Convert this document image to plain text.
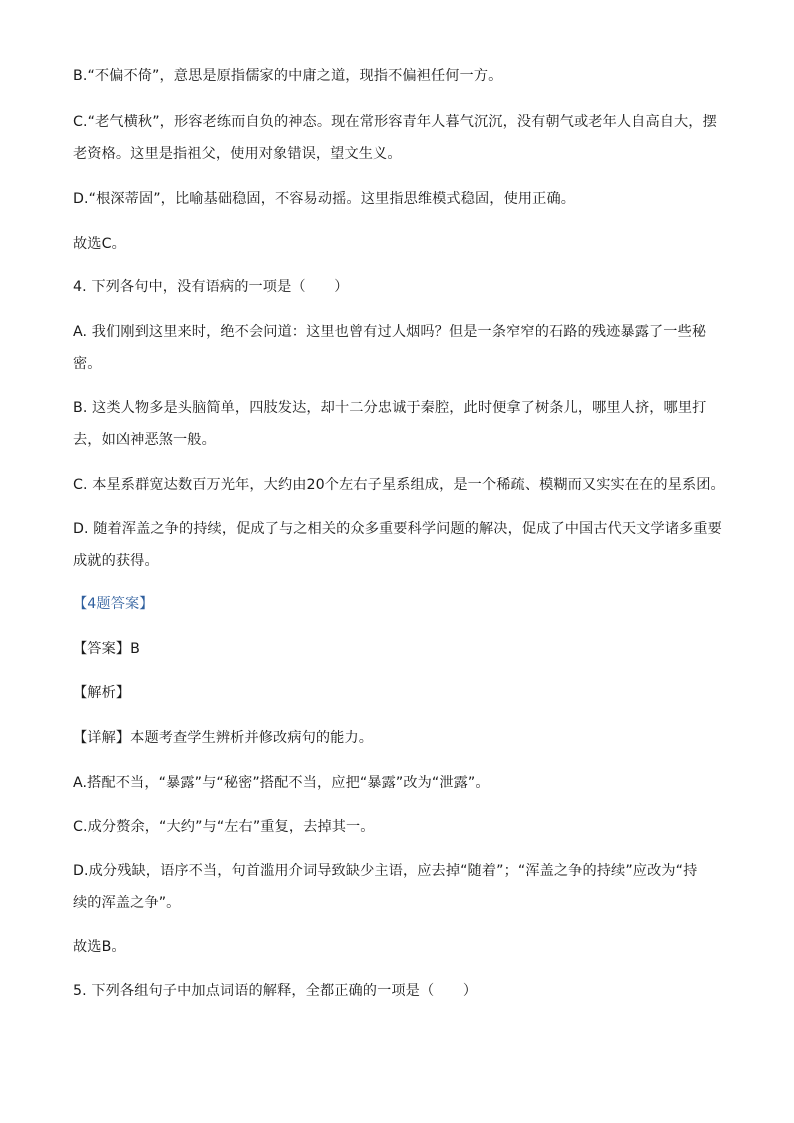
B.“不偏不倚”，意思是原指儒家的中庸之道，现指不偏袒任何一方。
C.“老气横秋”，形容老练而自负的神态。现在常形容青年人暮气沉沉，没有朝气或老年人自高自大，摆
老资格。这里是指祖父，使用对象错误，望文生义。
D.“根深蒂固”，比喻基础稳固，不容易动摇。这里指思维模式稳固，使用正确。
故选C。
4. 下列各句中，没有语病的一项是（　　）
A. 我们刚到这里来时，绝不会问道：这里也曾有过人烟吗？但是一条窄窄的石路的残迹暴露了一些秘
密。
B. 这类人物多是头脑简单，四肢发达，却十二分忠诚于秦腔，此时便拿了树条儿，哪里人挤，哪里打
去，如凶神恶煞一般。
C. 本星系群宽达数百万光年，大约由20个左右子星系组成，是一个稀疏、模糊而又实实在在的星系团。
D. 随着浑盖之争的持续，促成了与之相关的众多重要科学问题的解决，促成了中国古代天文学诸多重要
成就的获得。
【4题答案】
【答案】B
【解析】
【详解】本题考查学生辨析并修改病句的能力。
A.搭配不当，“暴露”与“秘密”搭配不当，应把“暴露”改为“泄露”。
C.成分赘余，“大约”与“左右”重复，去掉其一。
D.成分残缺，语序不当，句首滥用介词导致缺少主语，应去掉“随着”；“浑盖之争的持续”应改为“持
续的浑盖之争”。
故选B。
5. 下列各组句子中加点词语的解释，全都正确的一项是（　　）
